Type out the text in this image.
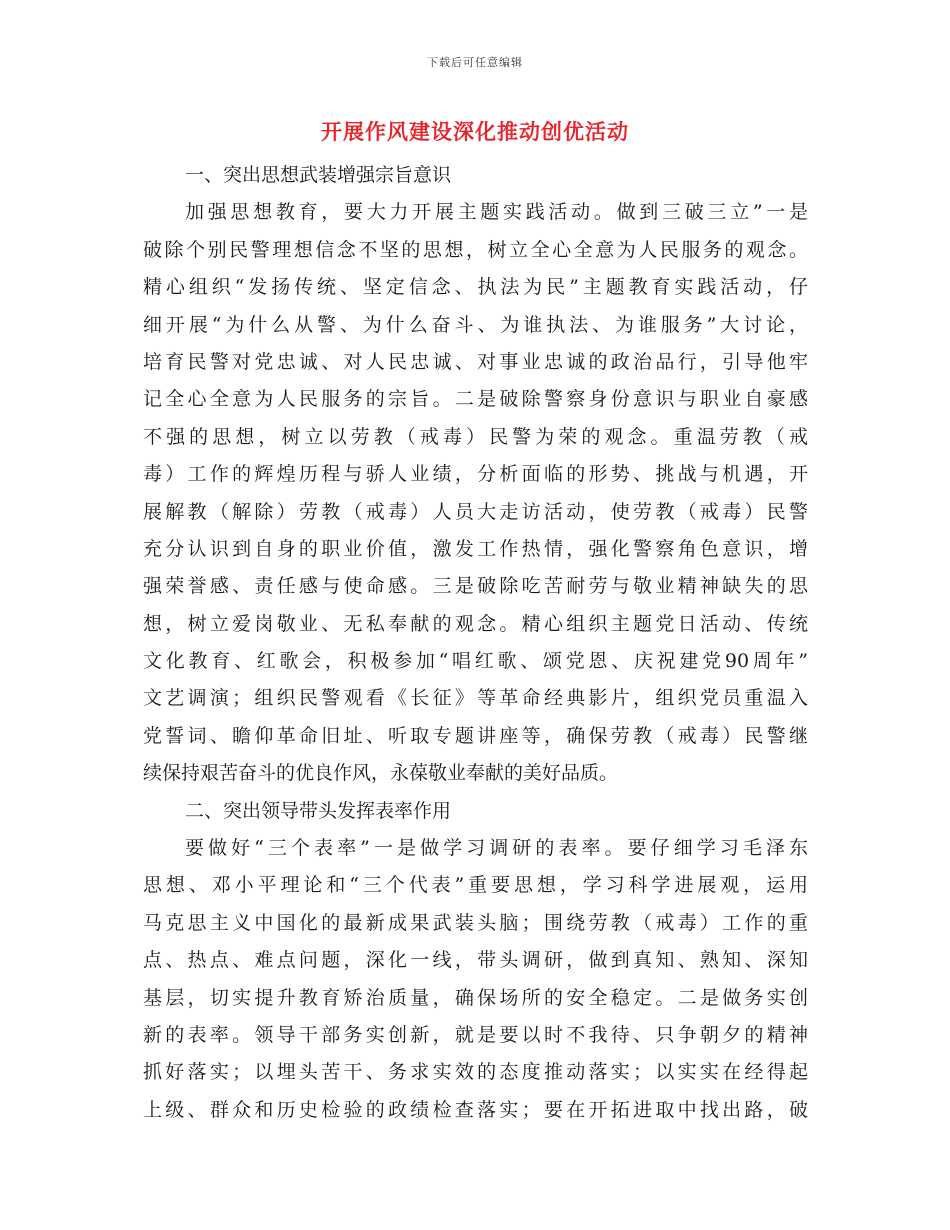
下载后可任意编辑
开展作风建设深化推动创优活动
一、突出思想武装增强宗旨意识
加强思想教育，要大力开展主题实践活动。做到三破三立”一是
破除个别民警理想信念不坚的思想，树立全心全意为人民服务的观念。
精心组织“发扬传统、坚定信念、执法为民”主题教育实践活动，仔
细开展“为什么从警、为什么奋斗、为谁执法、为谁服务”大讨论，
培育民警对党忠诚、对人民忠诚、对事业忠诚的政治品行，引导他牢
记全心全意为人民服务的宗旨。二是破除警察身份意识与职业自豪感
不强的思想，树立以劳教（戒毒）民警为荣的观念。重温劳教（戒
毒）工作的辉煌历程与骄人业绩，分析面临的形势、挑战与机遇，开
展解教（解除）劳教（戒毒）人员大走访活动，使劳教（戒毒）民警
充分认识到自身的职业价值，激发工作热情，强化警察角色意识，增
强荣誉感、责任感与使命感。三是破除吃苦耐劳与敬业精神缺失的思
想，树立爱岗敬业、无私奉献的观念。精心组织主题党日活动、传统
文化教育、红歌会，积极参加“唱红歌、颂党恩、庆祝建党90周年”
文艺调演；组织民警观看《长征》等革命经典影片，组织党员重温入
党誓词、瞻仰革命旧址、听取专题讲座等，确保劳教（戒毒）民警继
续保持艰苦奋斗的优良作风，永葆敬业奉献的美好品质。
二、突出领导带头发挥表率作用
要做好“三个表率”一是做学习调研的表率。要仔细学习毛泽东
思想、邓小平理论和“三个代表”重要思想，学习科学进展观，运用
马克思主义中国化的最新成果武装头脑；围绕劳教（戒毒）工作的重
点、热点、难点问题，深化一线，带头调研，做到真知、熟知、深知
基层，切实提升教育矫治质量，确保场所的安全稳定。二是做务实创
新的表率。领导干部务实创新，就是要以时不我待、只争朝夕的精神
抓好落实；以埋头苦干、务求实效的态度推动落实；以实实在经得起
上级、群众和历史检验的政绩检查落实；要在开拓进取中找出路，破
